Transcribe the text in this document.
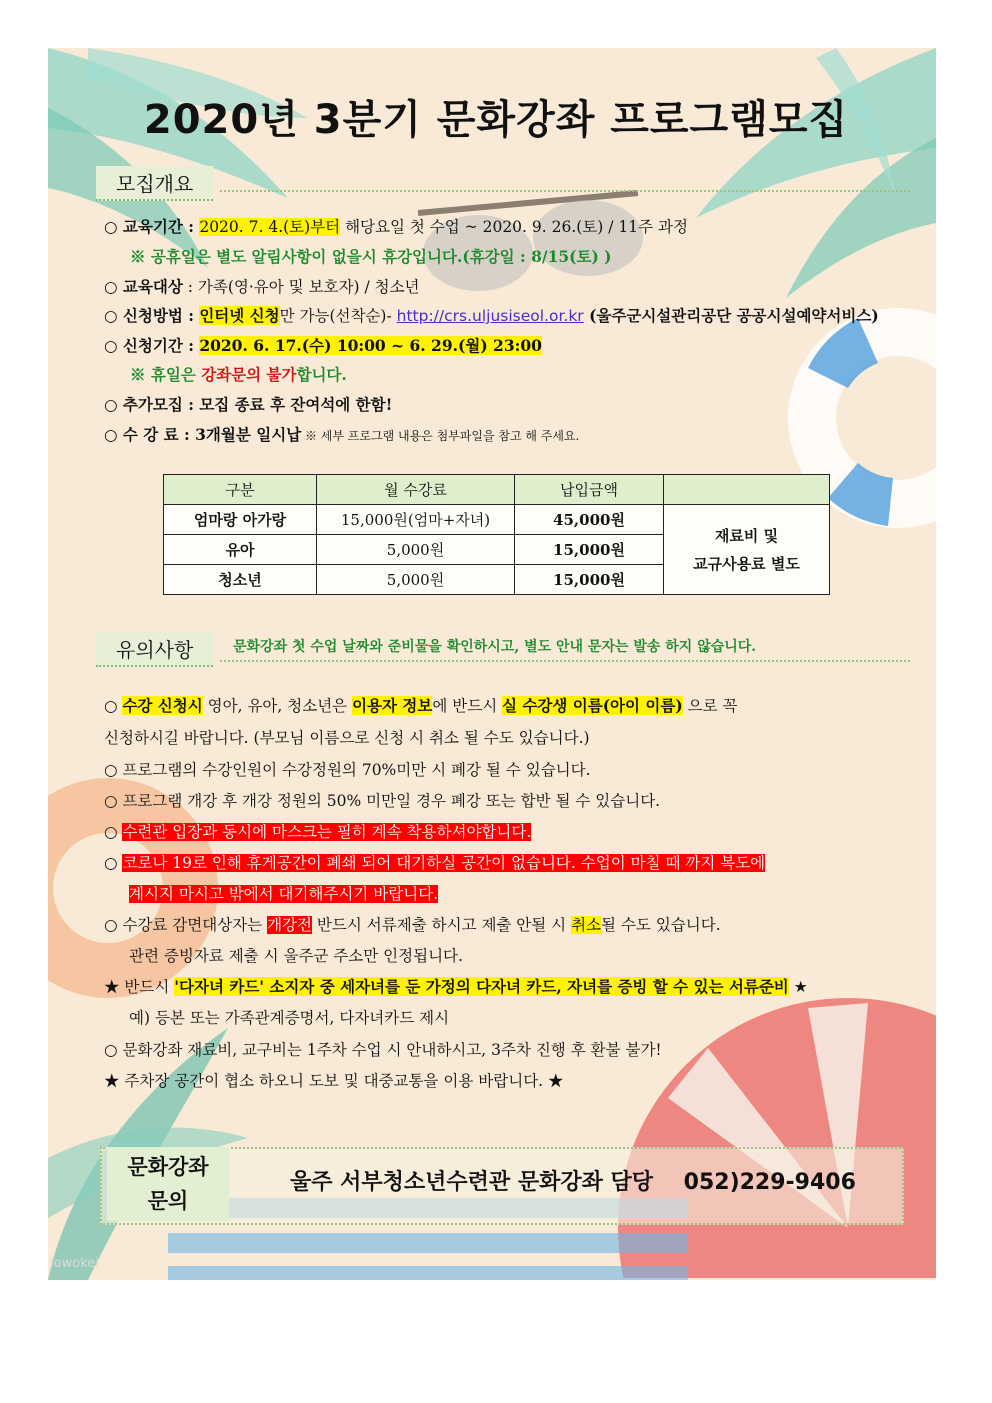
2020년 3분기 문화강좌 프로그램모집
모집개요
○ 교육기간 : 2020. 7. 4.(토)부터 해당요일 첫 수업 ~ 2020. 9. 26.(토) / 11주 과정
※ 공휴일은 별도 알림사항이 없을시 휴강입니다.(휴강일 : 8/15(토) )
○ 교육대상 : 가족(영·유아 및 보호자) / 청소년
○ 신청방법 : 인터넷 신청만 가능(선착순)- http://crs.uljusiseol.or.kr (울주군시설관리공단 공공시설예약서비스)
○ 신청기간 : 2020. 6. 17.(수) 10:00 ~ 6. 29.(월) 23:00
※ 휴일은 강좌문의 불가합니다.
○ 추가모집 : 모집 종료 후 잔여석에 한함!
○ 수 강 료 : 3개월분 일시납 ※ 세부 프로그램 내용은 첨부파일을 참고 해 주세요.
구분	월 수강료	납입금액	
엄마랑 아가랑	15,000원(엄마+자녀)	45,000원	재료비 및
교규사용료 별도

유아	5,000원	15,000원	
청소년	5,000원	15,000원	
유의사항	문화강좌 첫 수업 날짜와 준비물을 확인하시고, 별도 안내 문자는 발송 하지 않습니다.
○ 수강 신청시 영아, 유아, 청소년은 이용자 정보에 반드시 실 수강생 이름(아이 이름) 으로 꼭
신청하시길 바랍니다. (부모님 이름으로 신청 시 취소 될 수도 있습니다.)
○ 프로그램의 수강인원이 수강정원의 70%미만 시 폐강 될 수 있습니다.
○ 프로그램 개강 후 개강 정원의 50% 미만일 경우 폐강 또는 합반 될 수 있습니다.
○ 수련관 입장과 동시에 마스크는 필히 계속 착용하셔야합니다.
○ 코로나 19로 인해 휴게공간이 폐쇄 되어 대기하실 공간이 없습니다. 수업이 마칠 때 까지 복도에
계시지 마시고 밖에서 대기해주시기 바랍니다.
○ 수강료 감면대상자는 개강전 반드시 서류제출 하시고 제출 안될 시 취소될 수도 있습니다.
관련 증빙자료 제출 시 울주군 주소만 인정됩니다.
★ 반드시 '다자녀 카드' 소지자 중 세자녀를 둔 가정의 다자녀 카드, 자녀를 증빙 할 수 있는 서류준비 ★
예) 등본 또는 가족관계증명서, 다자녀카드 제시
○ 문화강좌 재료비, 교구비는 1주차 수업 시 안내하시고, 3주차 진행 후 환불 불가!
★ 주차장 공간이 협소 하오니 도보 및 대중교통을 이용 바랍니다. ★
문화강좌
문의
울주 서부청소년수련관 문화강좌 담당    052)229-9406
iowokei
